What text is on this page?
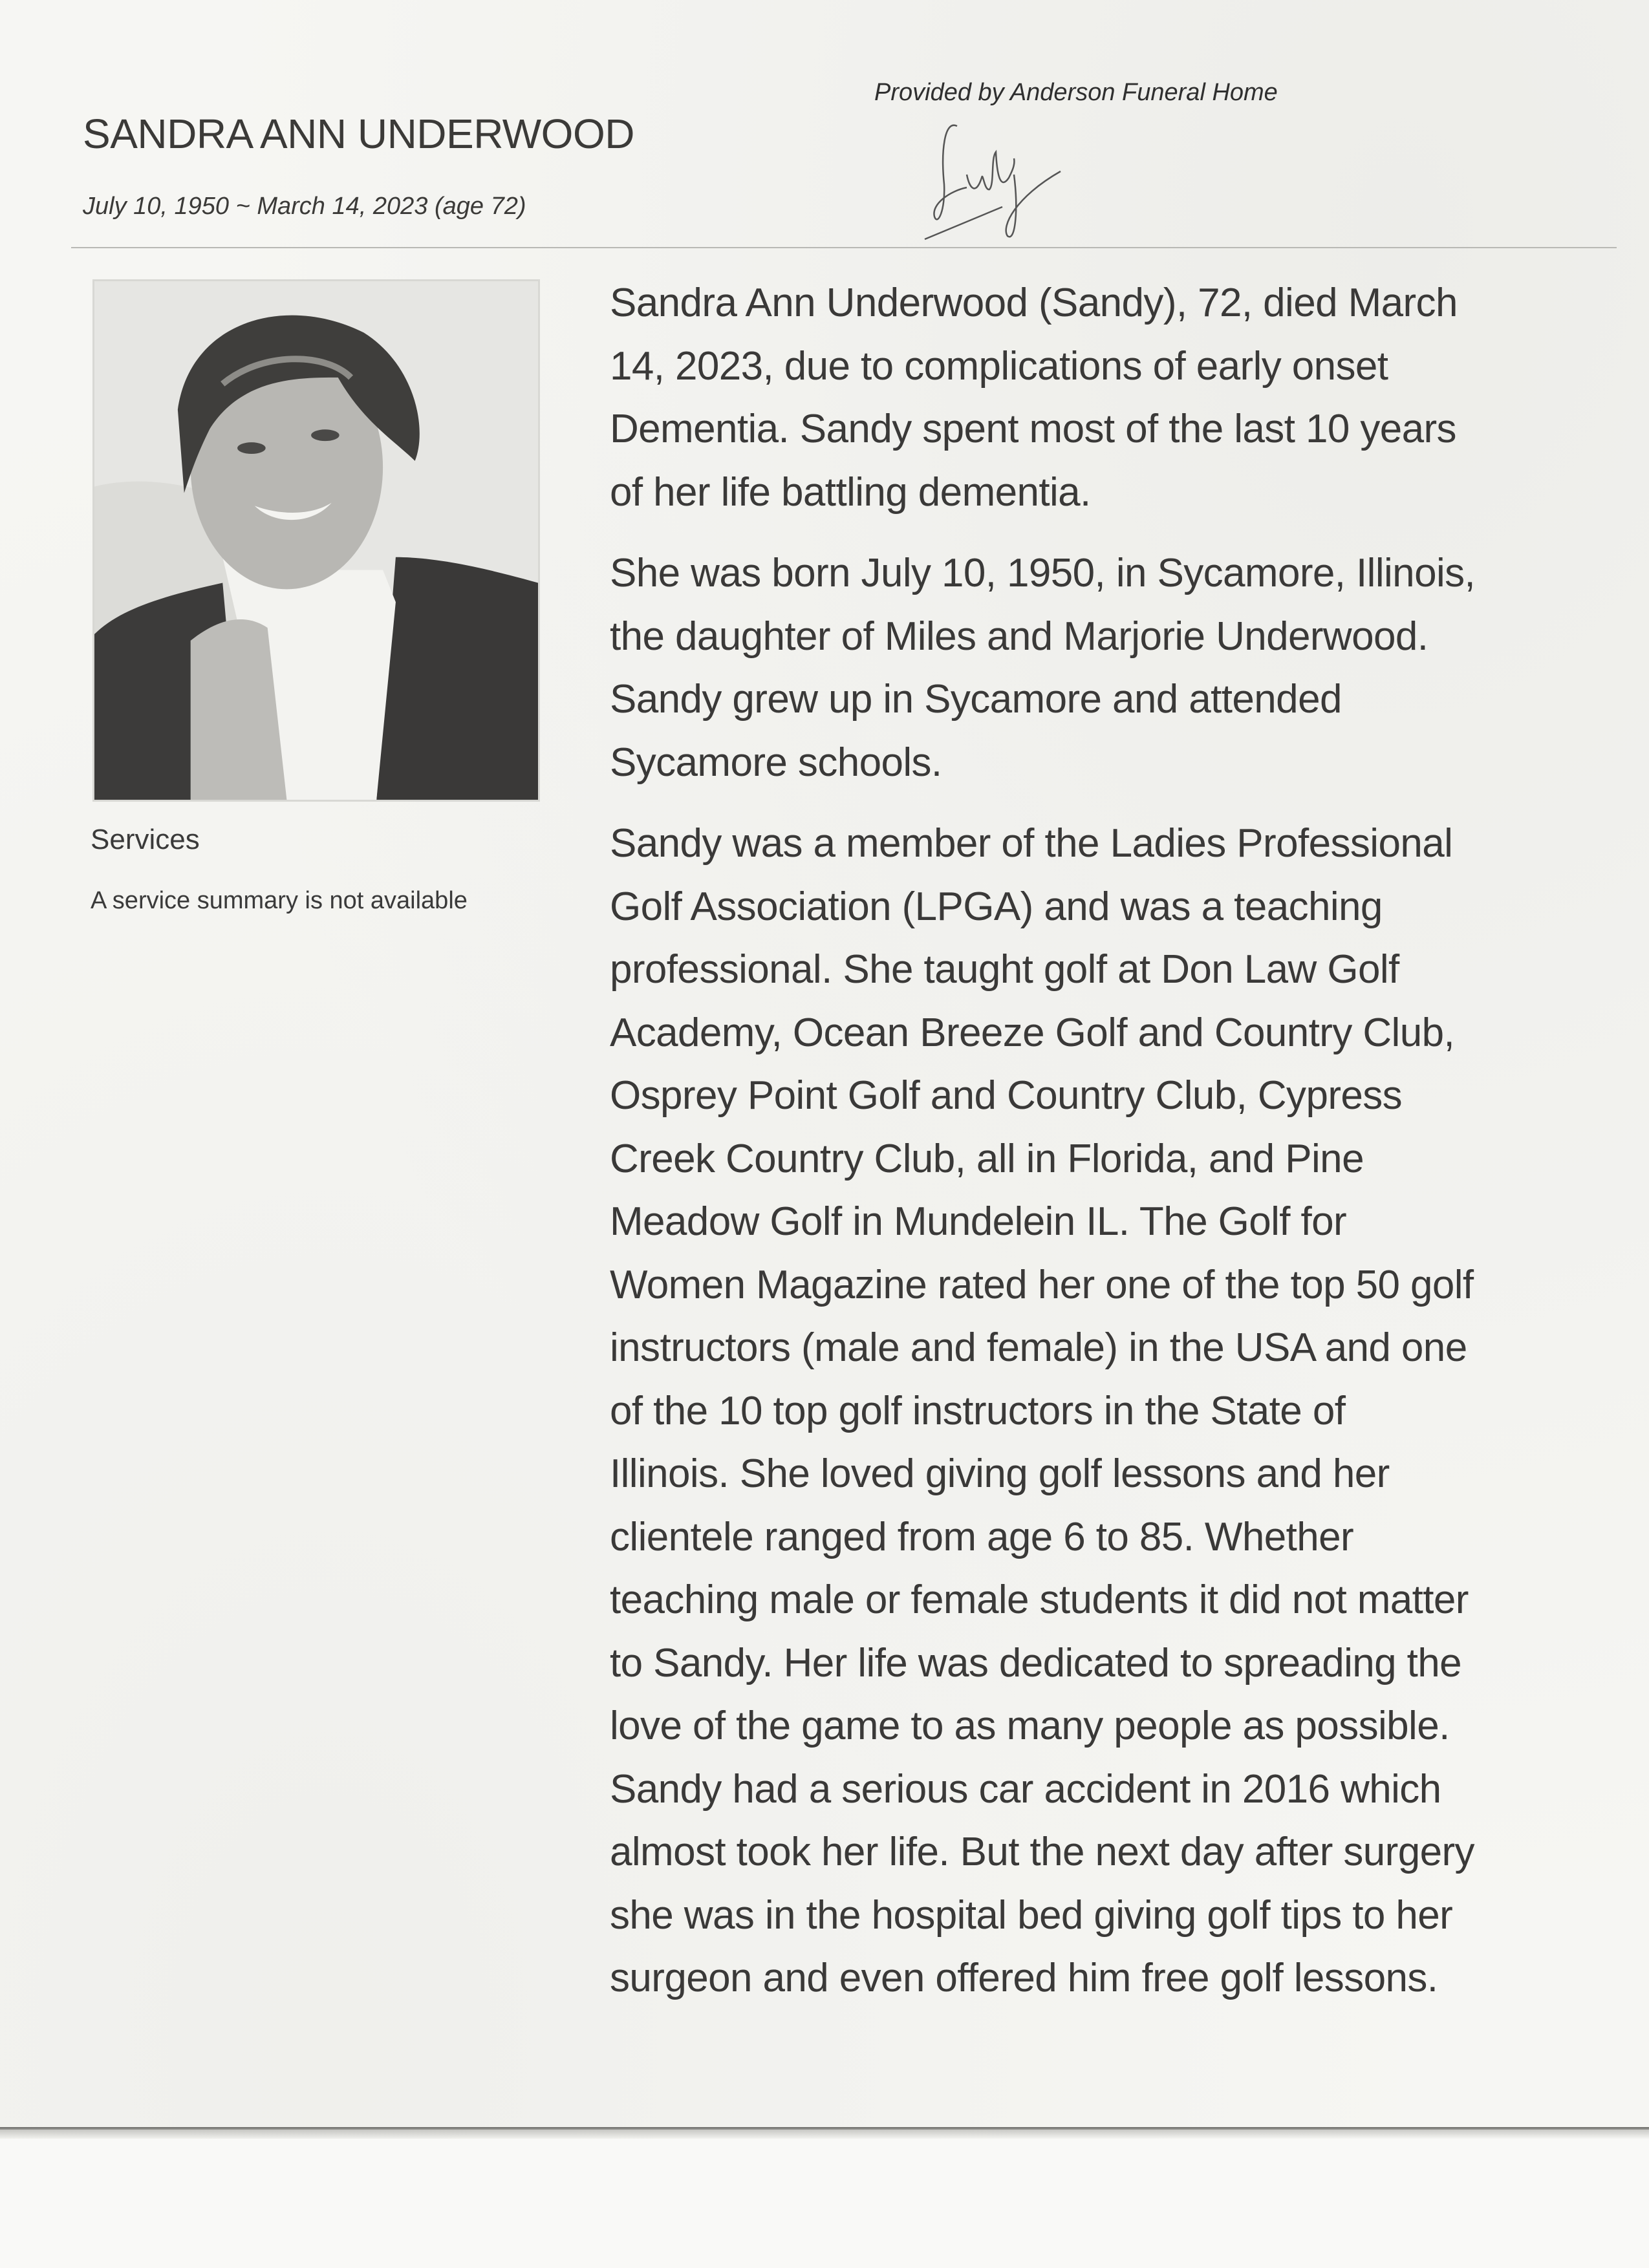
SANDRA ANN UNDERWOOD
July 10, 1950 ~ March 14, 2023 (age 72)
Provided by Anderson Funeral Home
Services
A service summary is not available

Sandra Ann Underwood (Sandy), 72, died March
14, 2023, due to complications of early onset
Dementia. Sandy spent most of the last 10 years
of her life battling dementia.

She was born July 10, 1950, in Sycamore, Illinois,
the daughter of Miles and Marjorie Underwood.
Sandy grew up in Sycamore and attended
Sycamore schools.

Sandy was a member of the Ladies Professional
Golf Association (LPGA) and was a teaching
professional. She taught golf at Don Law Golf
Academy, Ocean Breeze Golf and Country Club,
Osprey Point Golf and Country Club, Cypress
Creek Country Club, all in Florida, and Pine
Meadow Golf in Mundelein IL. The Golf for
Women Magazine rated her one of the top 50 golf
instructors (male and female) in the USA and one
of the 10 top golf instructors in the State of
Illinois. She loved giving golf lessons and her
clientele ranged from age 6 to 85. Whether
teaching male or female students it did not matter
to Sandy. Her life was dedicated to spreading the
love of the game to as many people as possible.
Sandy had a serious car accident in 2016 which
almost took her life. But the next day after surgery
she was in the hospital bed giving golf tips to her
surgeon and even offered him free golf lessons.
